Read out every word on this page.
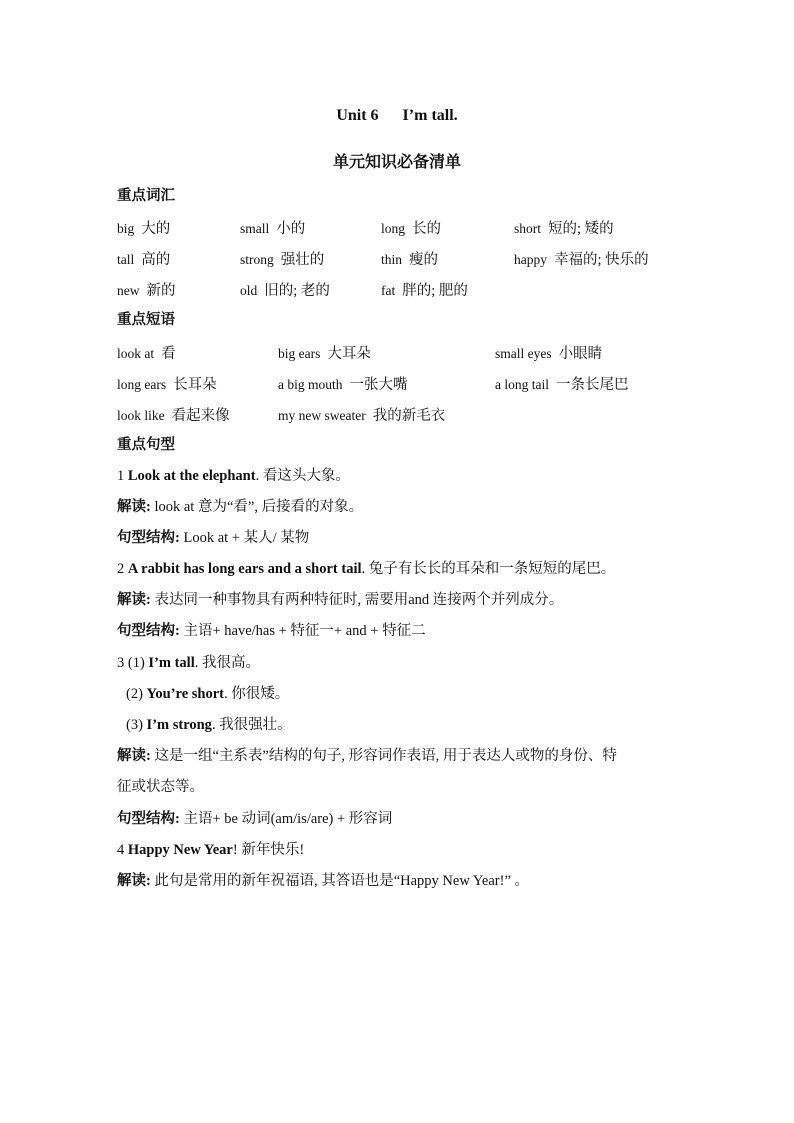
Unit 6      I’m tall.
单元知识必备清单
重点词汇
big 大的	small 小的	long 长的	short 短的; 矮的
tall 高的	strong 强壮的	thin 瘦的	happy 幸福的; 快乐的
new 新的	old 旧的; 老的	fat 胖的; 肥的
重点短语
look at 看	big ears 大耳朵	small eyes 小眼睛
long ears 长耳朵	a big mouth 一张大嘴	a long tail 一条长尾巴
look like 看起来像	my new sweater 我的新毛衣
重点句型
1 Look at the elephant. 看这头大象。
解读: look at 意为“看”, 后接看的对象。
句型结构: Look at + 某人/ 某物
2 A rabbit has long ears and a short tail. 兔子有长长的耳朵和一条短短的尾巴。
解读: 表达同一种事物具有两种特征时, 需要用and 连接两个并列成分。
句型结构: 主语+ have/has + 特征一+ and + 特征二
3 (1) I’m tall. 我很高。
(2) You’re short. 你很矮。
(3) I’m strong. 我很强壮。
解读: 这是一组“主系表”结构的句子, 形容词作表语, 用于表达人或物的身份、特
征或状态等。
句型结构: 主语+ be 动词(am/is/are) + 形容词
4 Happy New Year! 新年快乐!
解读: 此句是常用的新年祝福语, 其答语也是“Happy New Year!” 。
